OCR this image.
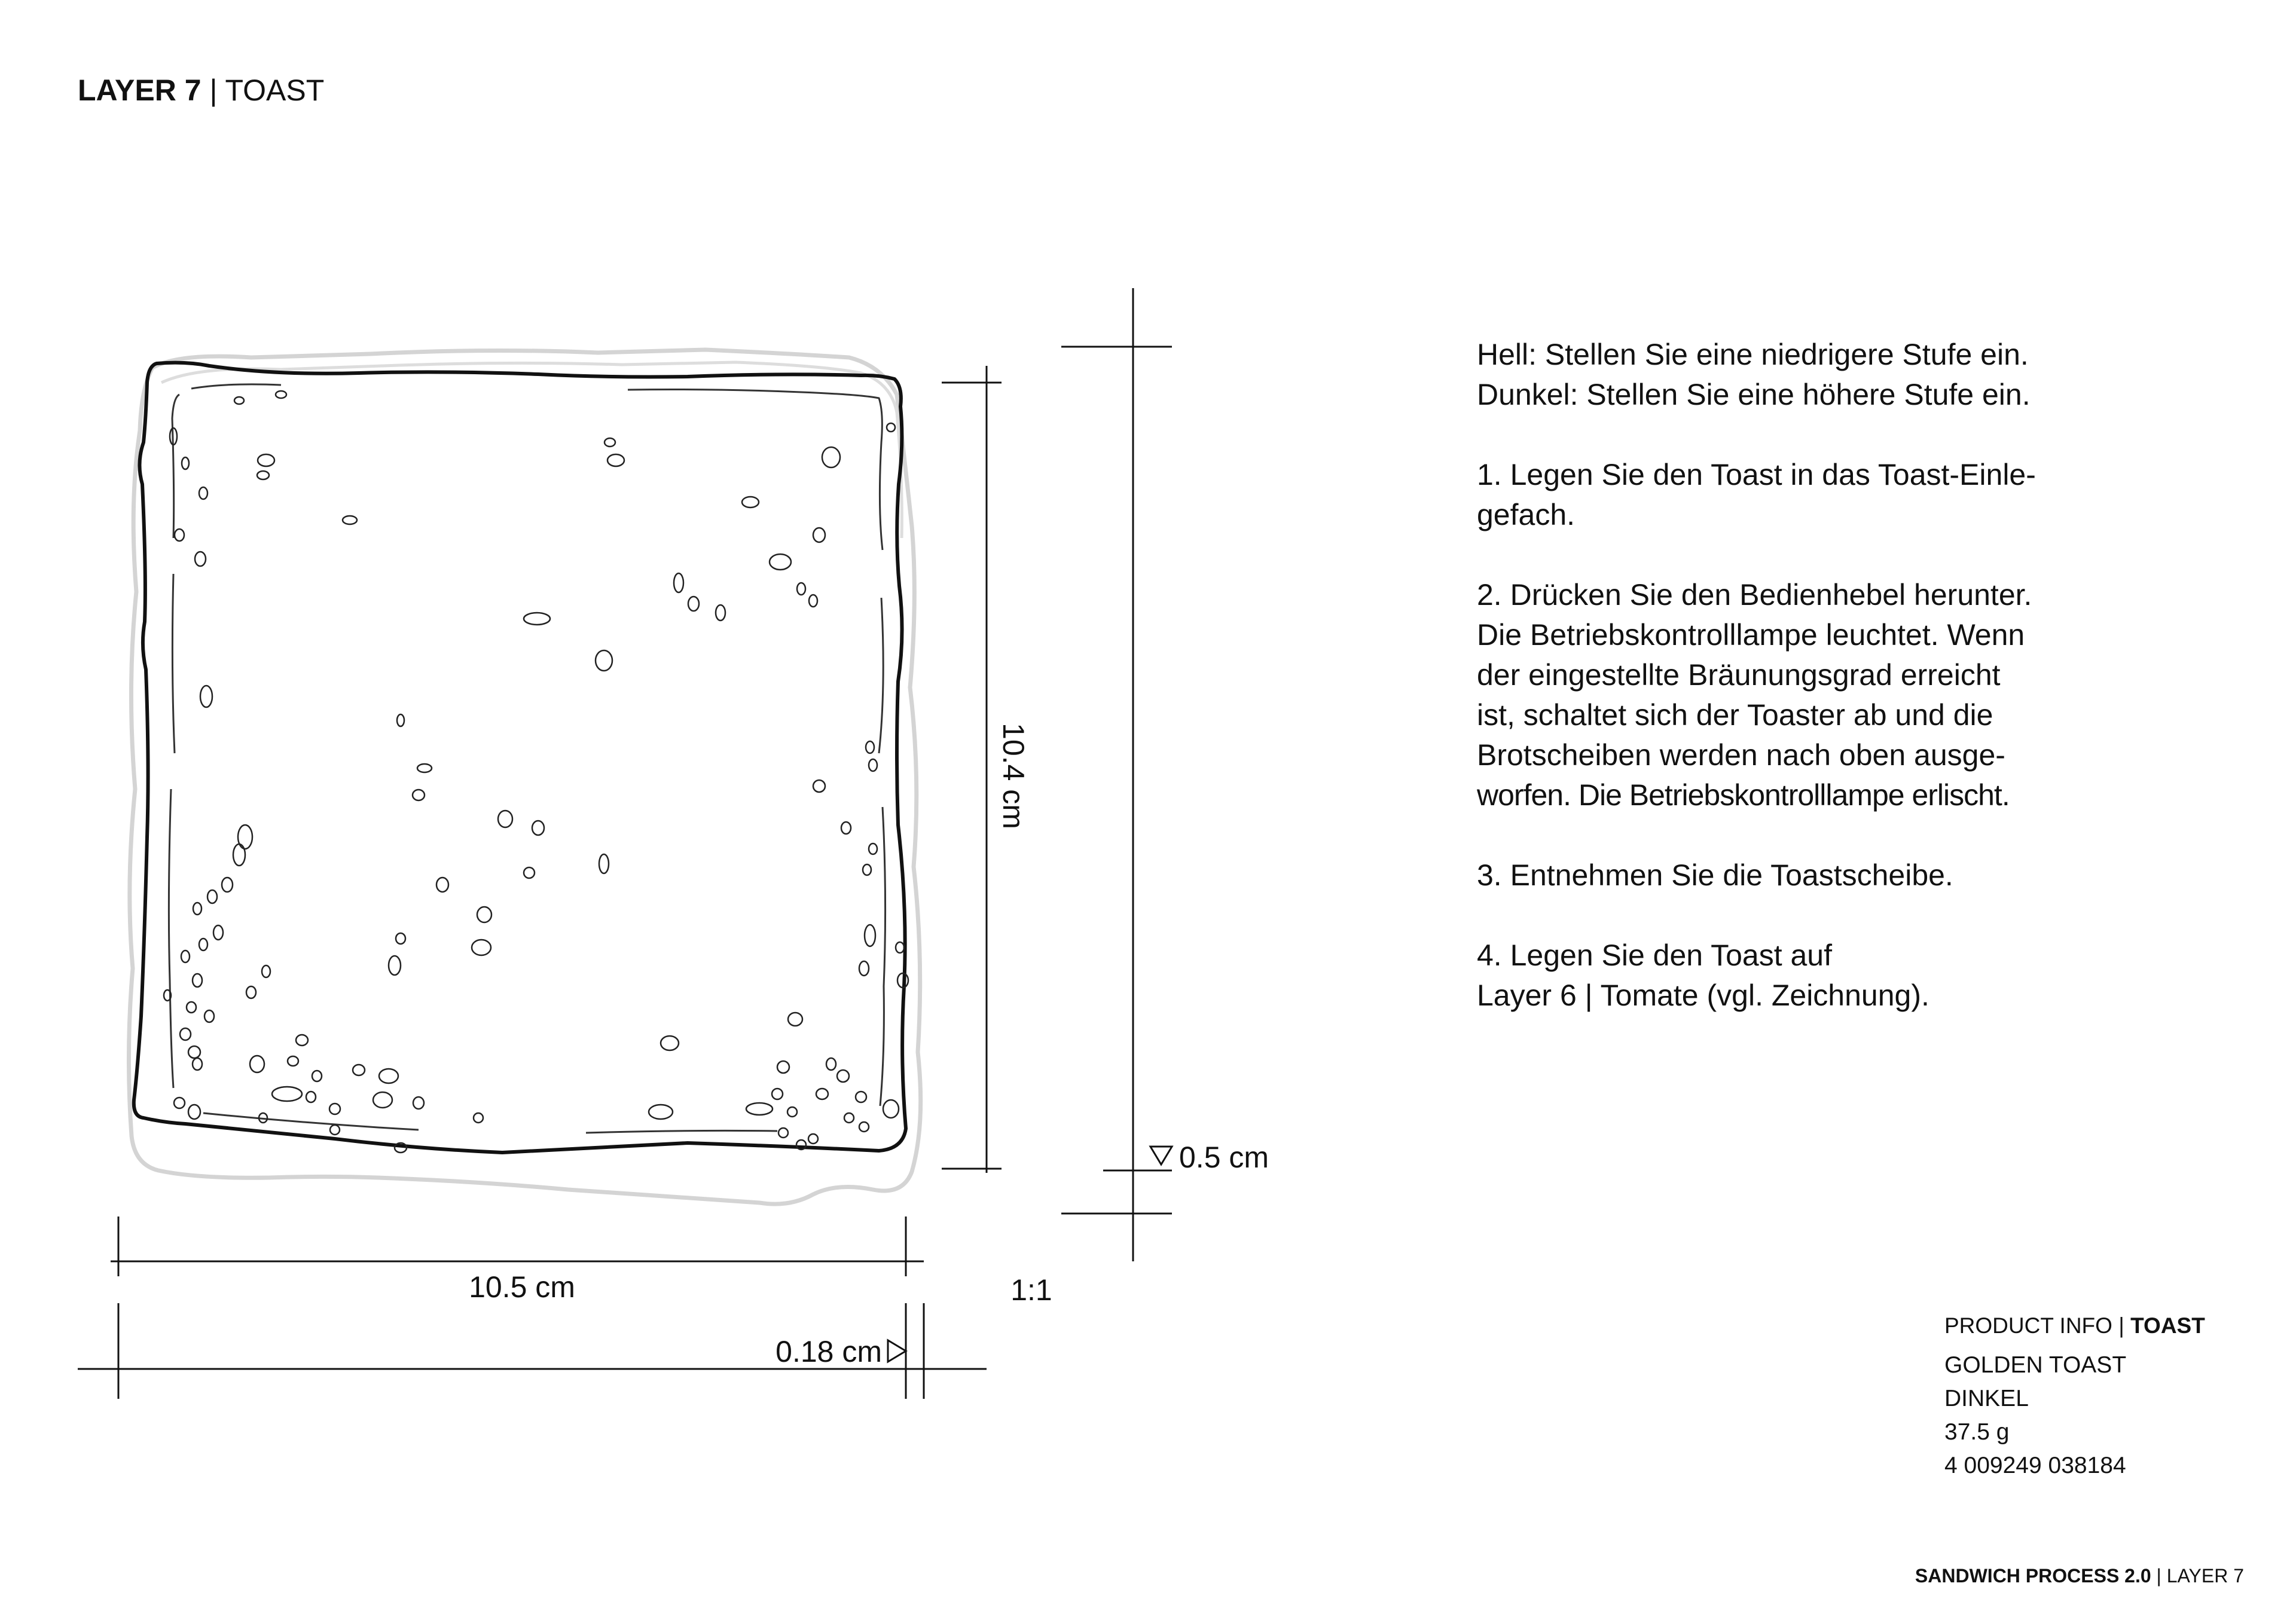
LAYER 7 | TOAST
10.5 cm
0.18 cm
10.4 cm
0.5 cm
1:1
Hell: Stellen Sie eine niedrigere Stufe ein.
Dunkel: Stellen Sie eine höhere Stufe ein.
1. Legen Sie den Toast in das Toast-Einle-
gefach.
2. Drücken Sie den Bedienhebel herunter.
Die Betriebskontrolllampe leuchtet. Wenn
der eingestellte Bräunungsgrad erreicht
ist, schaltet sich der Toaster ab und die
Brotscheiben werden nach oben ausge-
worfen. Die Betriebskontrolllampe erlischt.
3. Entnehmen Sie die Toastscheibe.
4. Legen Sie den Toast auf
Layer 6 | Tomate (vgl. Zeichnung).
PRODUCT INFO | TOAST
GOLDEN TOAST
DINKEL
37.5 g
4 009249 038184
SANDWICH PROCESS 2.0 | LAYER 7
